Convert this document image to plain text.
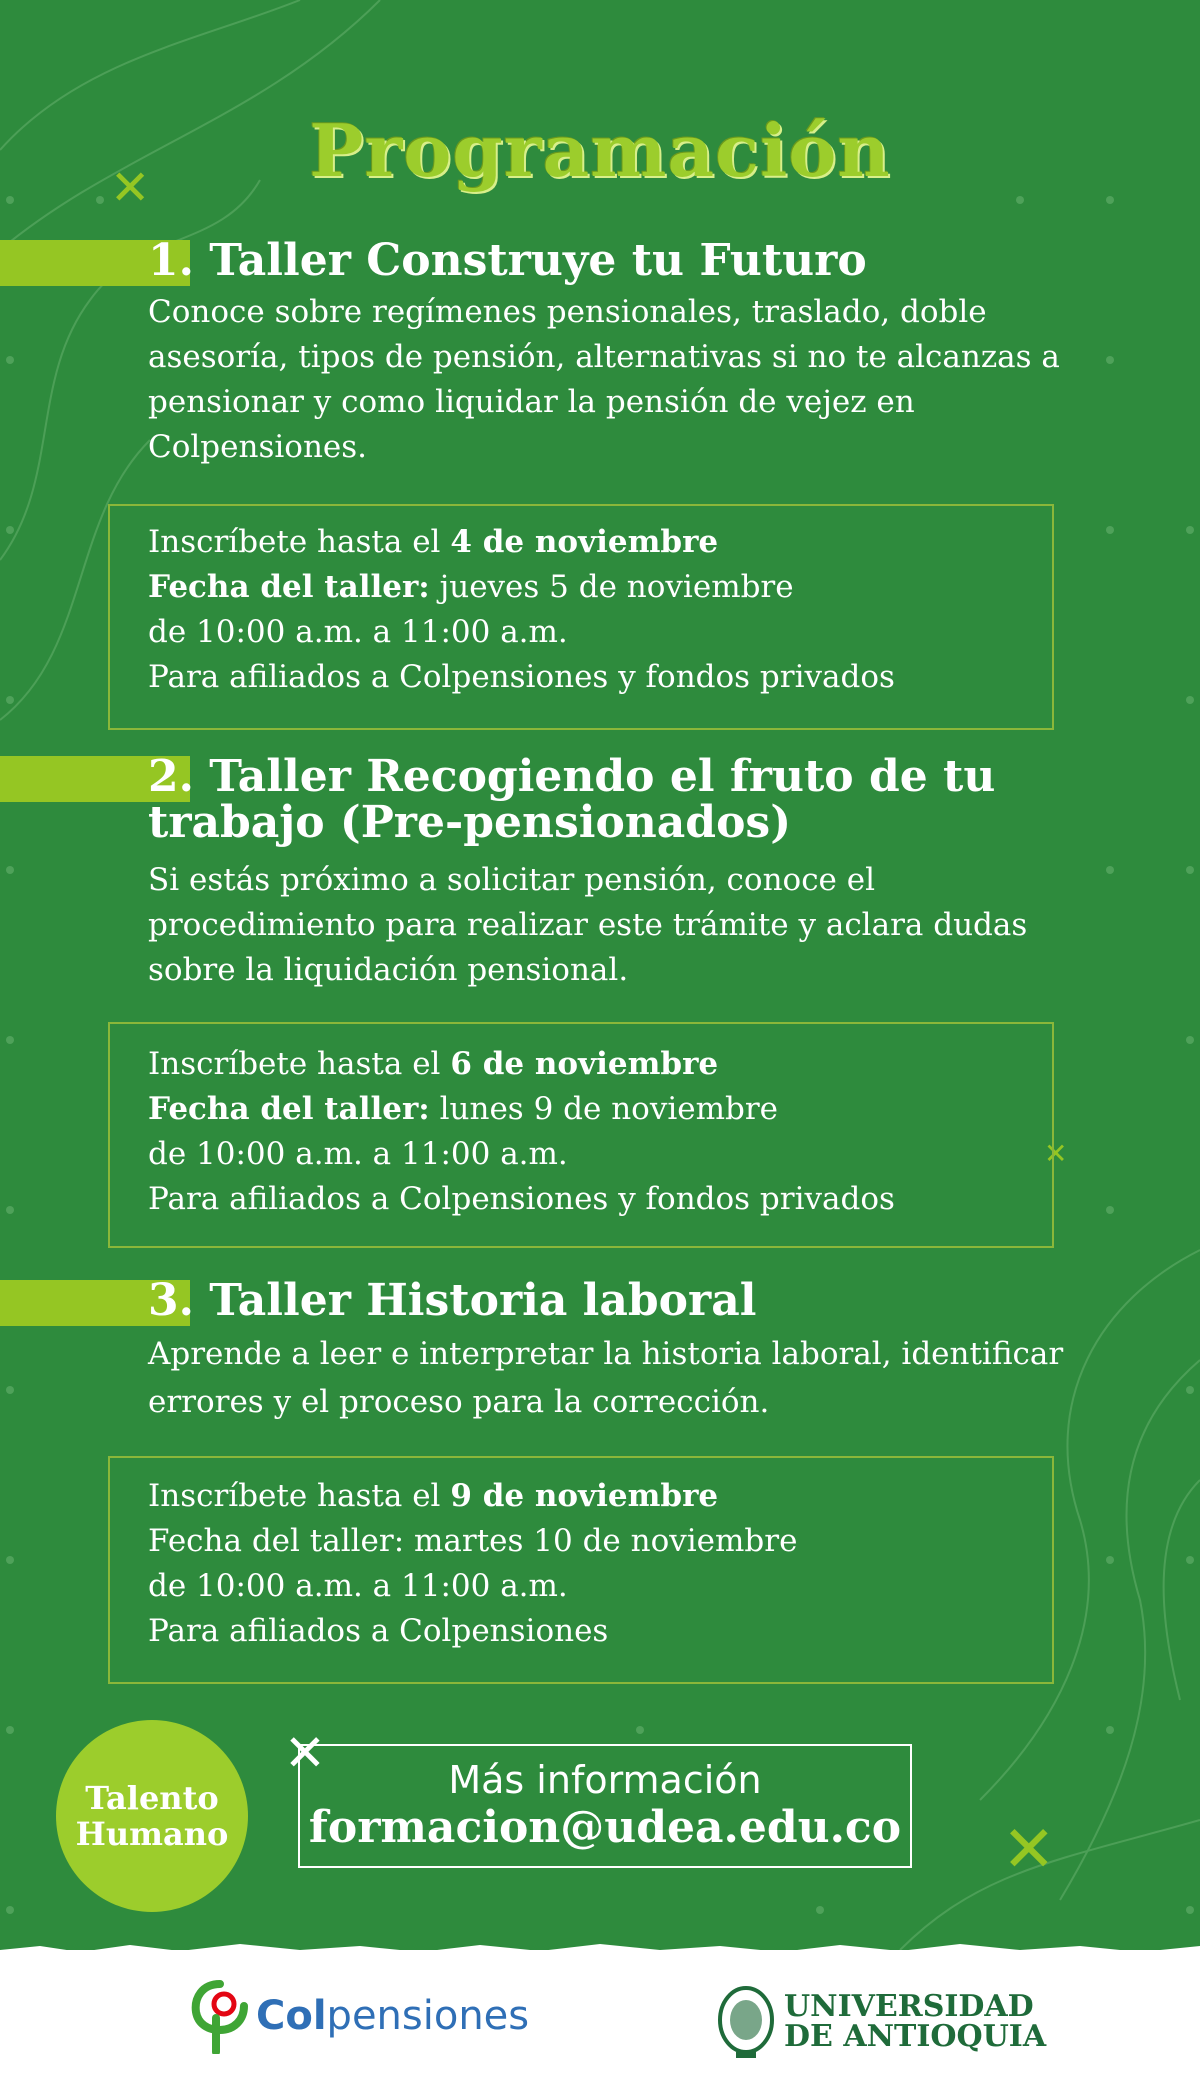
✕
✕
✕
Programación
1. Taller Construye tu Futuro
Conoce sobre regímenes pensionales, traslado, doble asesoría, tipos de pensión, alternativas si no te alcanzas a pensionar y como liquidar la pensión de vejez en Colpensiones.
Inscríbete hasta el 4 de noviembre
Fecha del taller: jueves 5 de noviembre
de 10:00 a.m. a 11:00 a.m.
Para afiliados a Colpensiones y fondos privados
2. Taller Recogiendo el fruto de tu trabajo (Pre-pensionados)
Si estás próximo a solicitar pensión, conoce el procedimiento para realizar este trámite y aclara dudas sobre la liquidación pensional.
Inscríbete hasta el 6 de noviembre
Fecha del taller: lunes 9 de noviembre
de 10:00 a.m. a 11:00 a.m.
Para afiliados a Colpensiones y fondos privados
3. Taller Historia laboral
Aprende a leer e interpretar la historia laboral, identificar errores y el proceso para la corrección.
Inscríbete hasta el 9 de noviembre
Fecha del taller: martes 10 de noviembre
de 10:00 a.m. a 11:00 a.m.
Para afiliados a Colpensiones
Talento
Humano
Más información
formacion@udea.edu.co
✕
Col pensiones	UNIVERSIDAD
DE ANTIOQUIA
